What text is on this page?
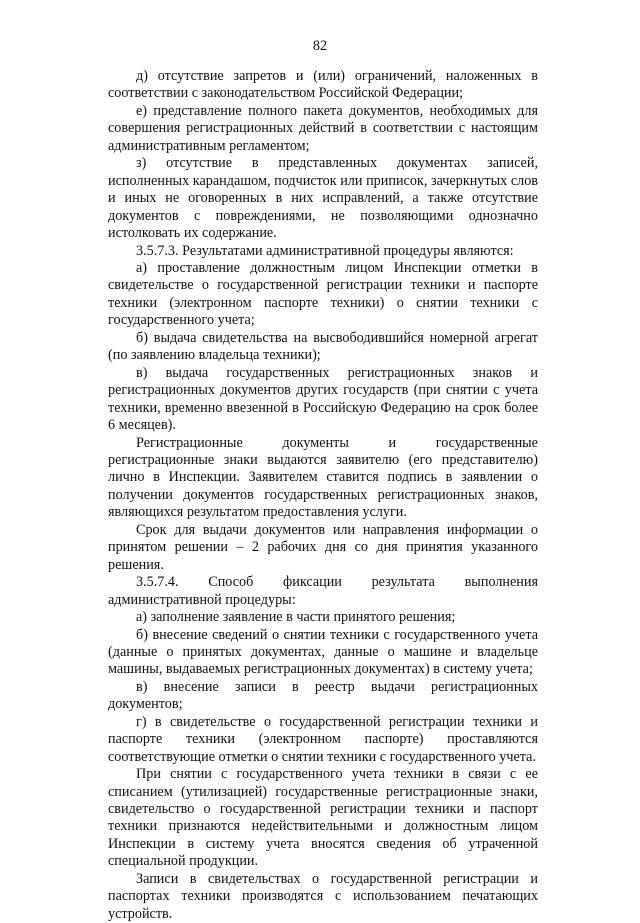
82

д) отсутствие запретов и (или) ограничений, наложенных в соответствии с законодательством Российской Федерации;

е) представление полного пакета документов, необходимых для совершения регистрационных действий в соответствии с настоящим административным регламентом;

з) отсутствие в представленных документах записей, исполненных карандашом, подчисток или приписок, зачеркнутых слов и иных не оговоренных в них исправлений, а также отсутствие документов с повреждениями, не позволяющими однозначно истолковать их содержание.

3.5.7.3. Результатами административной процедуры являются:

а) проставление должностным лицом Инспекции отметки в свидетельстве о государственной регистрации техники и паспорте техники (электронном паспорте техники) о снятии техники с государственного учета;

б) выдача свидетельства на высвободившийся номерной агрегат (по заявлению владельца техники);

в) выдача государственных регистрационных знаков и регистрационных документов других государств (при снятии с учета техники, временно ввезенной в Российскую Федерацию на срок более 6 месяцев).

Регистрационные документы и государственные регистрационные знаки выдаются заявителю (его представителю) лично в Инспекции. Заявителем ставится подпись в заявлении о получении документов государственных регистрационных знаков, являющихся результатом предоставления услуги.

Срок для выдачи документов или направления информации о принятом решении – 2 рабочих дня со дня принятия указанного решения.

3.5.7.4. Способ фиксации результата выполнения административной процедуры:

а) заполнение заявление в части принятого решения;

б) внесение сведений о снятии техники с государственного учета (данные о принятых документах, данные о машине и владельце машины, выдаваемых регистрационных документах) в систему учета;

в) внесение записи в реестр выдачи регистрационных документов;

г) в свидетельстве о государственной регистрации техники и паспорте техники (электронном паспорте) проставляются соответствующие отметки о снятии техники с государственного учета.

При снятии с государственного учета техники в связи с ее списанием (утилизацией) государственные регистрационные знаки, свидетельство о государственной регистрации техники и паспорт техники признаются недействительными и должностным лицом Инспекции в систему учета вносятся сведения об утраченной специальной продукции.

Записи в свидетельствах о государственной регистрации и паспортах техники производятся с использованием печатающих устройств.
